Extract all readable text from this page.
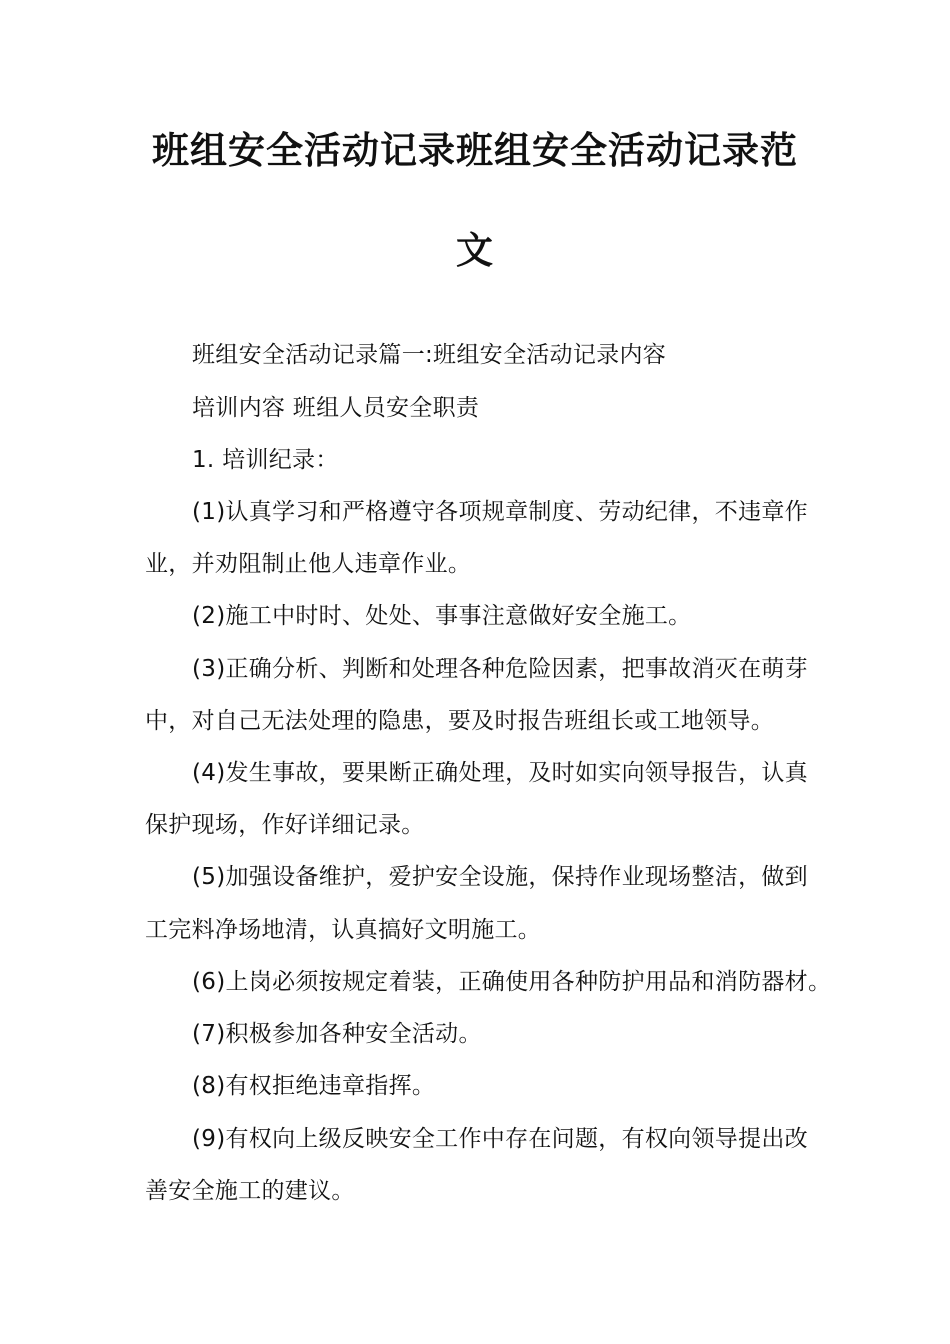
班组安全活动记录班组安全活动记录范
文

班组安全活动记录篇一:班组安全活动记录内容

培训内容 班组人员安全职责

1. 培训纪录：

(1)认真学习和严格遵守各项规章制度、劳动纪律，不违章作

业，并劝阻制止他人违章作业。

(2)施工中时时、处处、事事注意做好安全施工。

(3)正确分析、判断和处理各种危险因素，把事故消灭在萌芽

中，对自己无法处理的隐患，要及时报告班组长或工地领导。

(4)发生事故，要果断正确处理，及时如实向领导报告，认真

保护现场，作好详细记录。

(5)加强设备维护，爱护安全设施，保持作业现场整洁，做到

工完料净场地清，认真搞好文明施工。

(6)上岗必须按规定着装，正确使用各种防护用品和消防器材。

(7)积极参加各种安全活动。

(8)有权拒绝违章指挥。

(9)有权向上级反映安全工作中存在问题，有权向领导提出改

善安全施工的建议。
